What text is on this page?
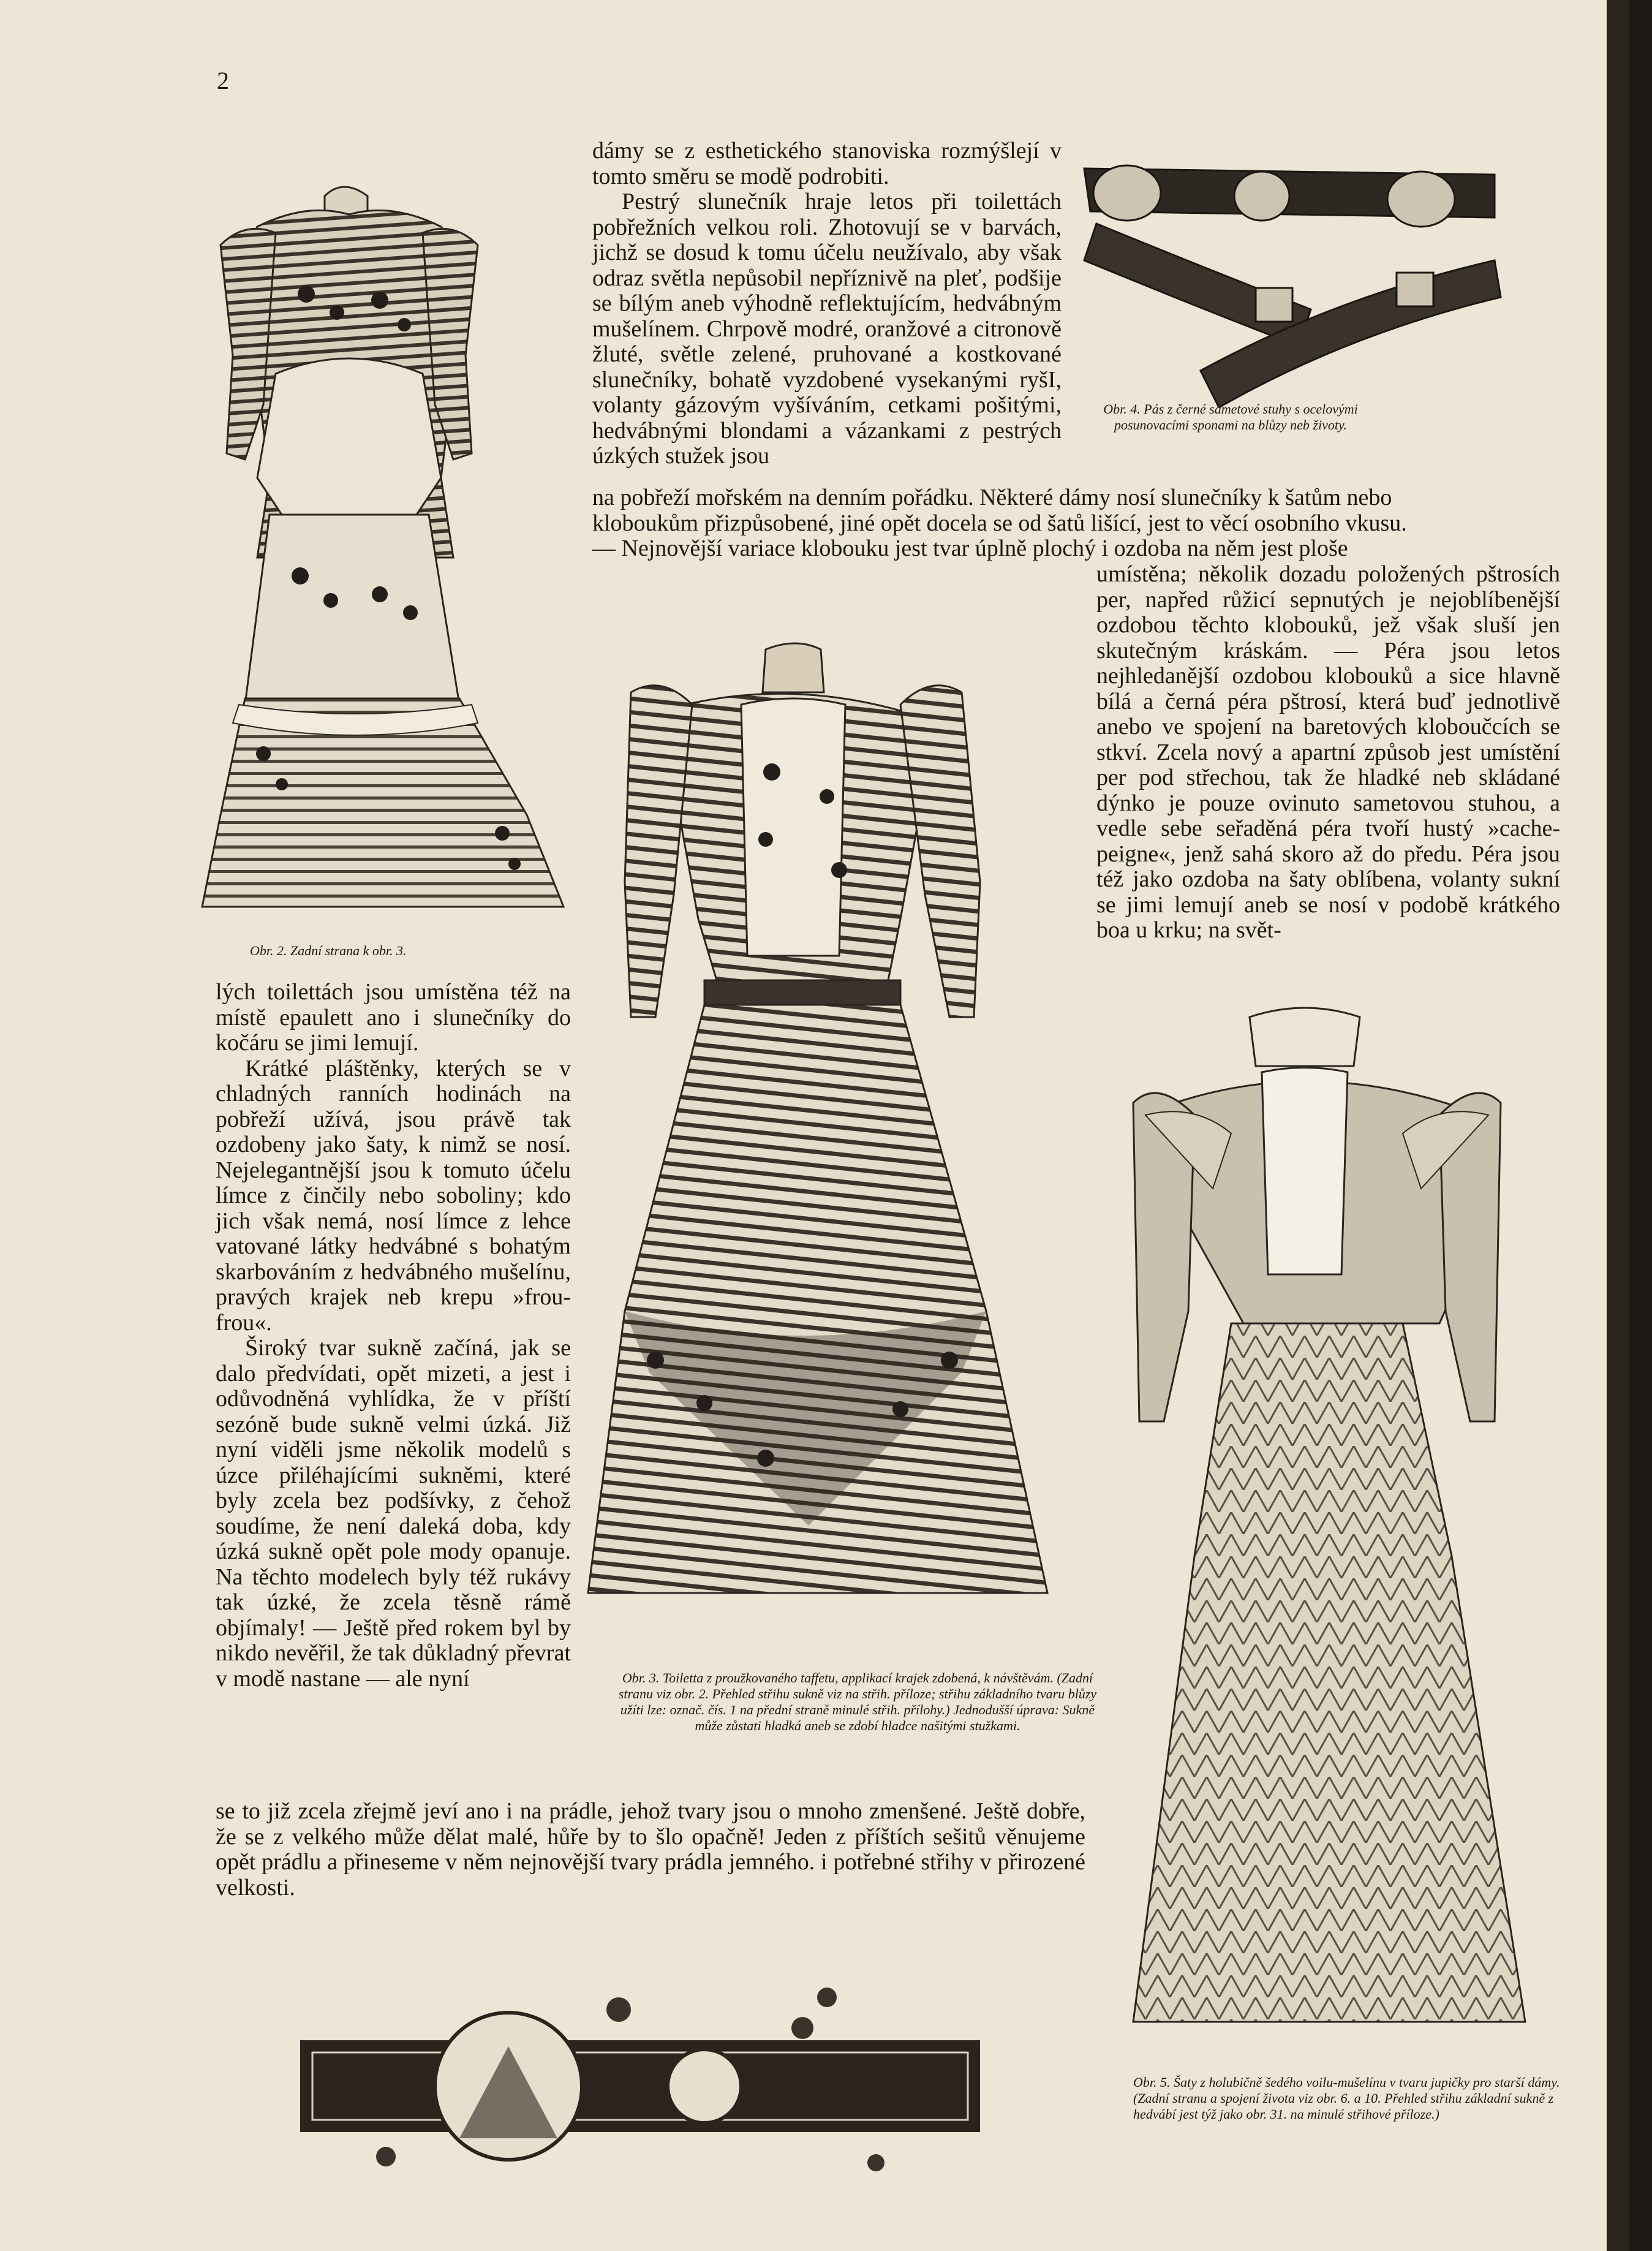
2
Obr. 2. Zadní strana k obr. 3.

dámy se z esthetického stanoviska rozmýšlejí v tomto směru se modě podrobiti.

Pestrý slunečník hraje letos při toilettách pobřežních velkou roli. Zhotovují se v barvách, jichž se dosud k tomu účelu neužívalo, aby však odraz světla nepůsobil nepříznivě na pleť, podšije se bílým aneb výhodně reflektujícím, hedvábným mušelínem. Chrpově modré, oranžové a citronově žluté, světle zelené, pruhované a kostkované slunečníky, bohatě vyzdobené vysekanými ryšI, volanty gázovým vyšíváním, cetkami pošitými, hedvábnými blondami a vázankami z pestrých úzkých stužek jsou

Obr. 4. Pás z černé sametové stuhy s ocelovými posunovacími sponami na blůzy neb životy.

na pobřeží mořském na denním pořádku. Některé dámy nosí slunečníky k šatům nebo

kloboukům přizpůsobené, jiné opět docela se od šatů lišící, jest to věcí osobního vkusu.

— Nejnovější variace klobouku jest tvar úplně plochý i ozdoba na něm jest ploše

umístěna; několik dozadu položených pštrosích per, napřed růžicí sepnutých je nejoblíbenější ozdobou těchto klobouků, jež však sluší jen skutečným kráskám. — Péra jsou letos nejhledanější ozdobou klobouků a sice hlavně bílá a černá péra pštrosí, která buď jednotlivě anebo ve spojení na baretových kloboučcích se stkví. Zcela nový a apartní způsob jest umístění per pod střechou, tak že hladké neb skládané dýnko je pouze ovinuto sametovou stuhou, a vedle sebe seřaděná péra tvoří hustý »cache-peigne«, jenž sahá skoro až do předu. Péra jsou též jako ozdoba na šaty oblíbena, volanty sukní se jimi lemují aneb se nosí v podobě krátkého boa u krku; na svět-

Obr. 3. Toiletta z proužkovaného taffetu, applikací krajek zdobená, k návštěvám. (Zadní stranu viz obr. 2. Přehled střihu sukně viz na střih. příloze; střihu základního tvaru blůzy užíti lze: označ. čís. 1 na přední straně minulé střih. přílohy.) Jednodušší úprava: Sukně může zůstati hladká aneb se zdobí hladce našitými stužkami.

lých toilettách jsou umístěna též na místě epaulett ano i slunečníky do kočáru se jimi lemují.

Krátké pláštěnky, kterých se v chladných ranních hodinách na pobřeží užívá, jsou právě tak ozdobeny jako šaty, k nimž se nosí. Nejelegantnější jsou k tomuto účelu límce z činčily nebo soboliny; kdo jich však nemá, nosí límce z lehce vatované látky hedvábné s bohatým skarbováním z hedvábného mušelínu, pravých krajek neb krepu »frou-frou«.

Široký tvar sukně začíná, jak se dalo předvídati, opět mizeti, a jest i odůvodněná vyhlídka, že v příští sezóně bude sukně velmi úzká. Již nyní viděli jsme několik modelů s úzce přiléhajícími sukněmi, které byly zcela bez podšívky, z čehož soudíme, že není daleká doba, kdy úzká sukně opět pole mody opanuje. Na těchto modelech byly též rukávy tak úzké, že zcela těsně rámě objímaly! — Ještě před rokem byl by nikdo nevěřil, že tak důkladný převrat v modě nastane — ale nyní

Obr. 5. Šaty z holubičně šedého voilu-mušelínu v tvaru jupičky pro starší dámy. (Zadní stranu a spojení života viz obr. 6. a 10. Přehled střihu základní sukně z hedvábí jest týž jako obr. 31. na minulé střihové příloze.)

se to již zcela zřejmě jeví ano i na prádle, jehož tvary jsou o mnoho zmenšené. Ještě dobře, že se z velkého může dělat malé, hůře by to šlo opačně! Jeden z příštích sešitů věnujeme opět prádlu a přineseme v něm nejnovější tvary prádla jemného. i potřebné střihy v přirozené velkosti.
